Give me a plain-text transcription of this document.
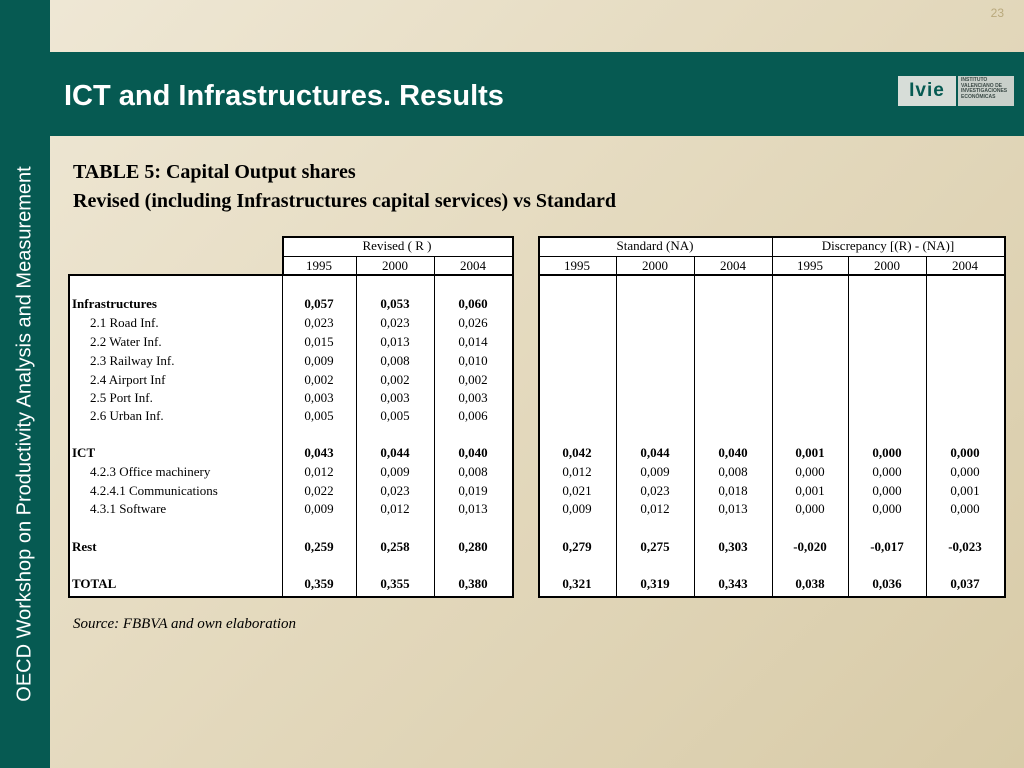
OECD Workshop on Productivity Analysis and Measurement
23
ICT and Infrastructures. Results	Ivie	INSTITUTO VALENCIANO DE INVESTIGACIONES ECONÓMICAS
TABLE 5: Capital Output shares
Revised (including Infrastructures capital services) vs Standard
Revised ( R )	Standard (NA)	Discrepancy [(R) - (NA)]
1995	2000	2004	1995	2000	2004	1995	2000	2004
Infrastructures	0,057	0,053	0,060
2.1 Road Inf.	0,023	0,023	0,026
2.2 Water Inf.	0,015	0,013	0,014
2.3 Railway Inf.	0,009	0,008	0,010
2.4 Airport Inf	0,002	0,002	0,002
2.5 Port Inf.	0,003	0,003	0,003
2.6 Urban Inf.	0,005	0,005	0,006
ICT	0,043	0,044	0,040	0,042	0,044	0,040	0,001	0,000	0,000
4.2.3 Office machinery	0,012	0,009	0,008	0,012	0,009	0,008	0,000	0,000	0,000
4.2.4.1 Communications	0,022	0,023	0,019	0,021	0,023	0,018	0,001	0,000	0,001
4.3.1 Software	0,009	0,012	0,013	0,009	0,012	0,013	0,000	0,000	0,000
Rest	0,259	0,258	0,280	0,279	0,275	0,303	-0,020	-0,017	-0,023
TOTAL	0,359	0,355	0,380	0,321	0,319	0,343	0,038	0,036	0,037
Source: FBBVA and own elaboration
